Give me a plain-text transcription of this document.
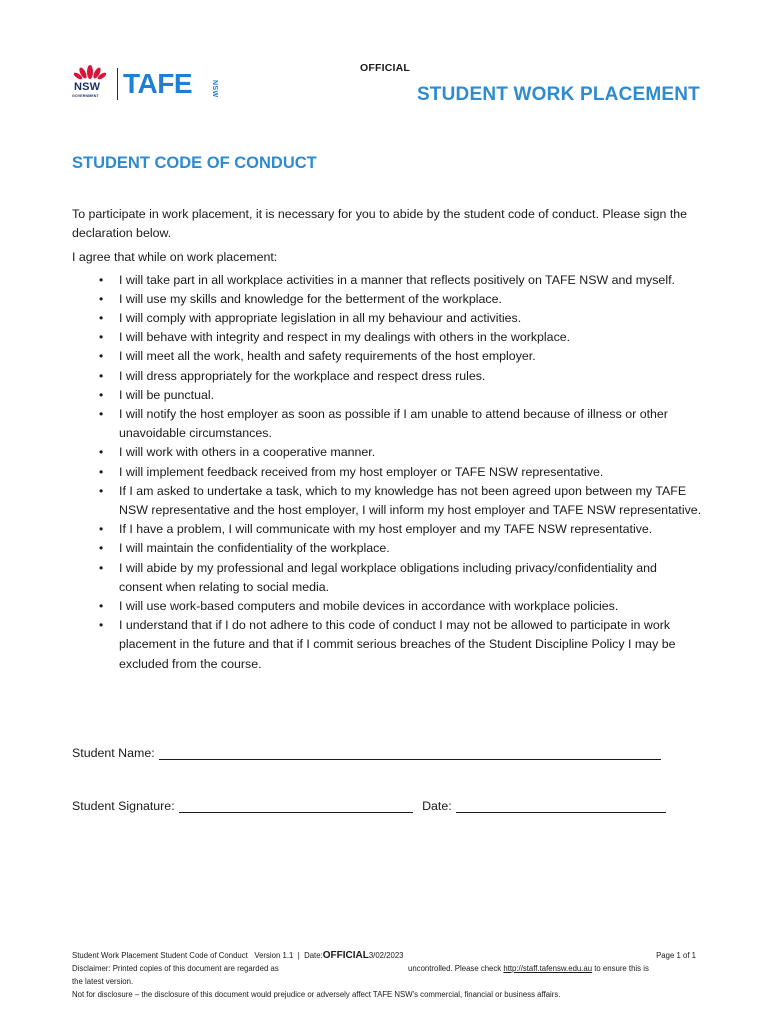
OFFICIAL
NSW
GOVERNMENT TAFE	NSW	STUDENT WORK PLACEMENT
STUDENT CODE OF CONDUCT

To participate in work placement, it is necessary for you to abide by the student code of conduct. Please sign the declaration below.

I agree that while on work placement:

• I will take part in all workplace activities in a manner that reflects positively on TAFE NSW and myself.
• I will use my skills and knowledge for the betterment of the workplace.
• I will comply with appropriate legislation in all my behaviour and activities.
• I will behave with integrity and respect in my dealings with others in the workplace.
• I will meet all the work, health and safety requirements of the host employer.
• I will dress appropriately for the workplace and respect dress rules.
• I will be punctual.
• I will notify the host employer as soon as possible if I am unable to attend because of illness or other unavoidable circumstances.
• I will work with others in a cooperative manner.
• I will implement feedback received from my host employer or TAFE NSW representative.
• If I am asked to undertake a task, which to my knowledge has not been agreed upon between my TAFE NSW representative and the host employer, I will inform my host employer and TAFE NSW representative.
• If I have a problem, I will communicate with my host employer and my TAFE NSW representative.
• I will maintain the confidentiality of the workplace.
• I will abide by my professional and legal workplace obligations including privacy/confidentiality and consent when relating to social media.
• I will use work-based computers and mobile devices in accordance with workplace policies.
• I understand that if I do not adhere to this code of conduct I may not be allowed to participate in work placement in the future and that if I commit serious breaches of the Student Discipline Policy I may be excluded from the course.
Student Name:
Student Signature:	Date:
Student Work Placement Student Code of Conduct Version 1.1 | Date:OFFICIAL3/02/2023	Page 1 of 1
Disclaimer: Printed copies of this document are regarded as	uncontrolled. Please check http://staff.tafensw.edu.au to ensure this is
the latest version.
Not for disclosure – the disclosure of this document would prejudice or adversely affect TAFE NSW's commercial, financial or business affairs.
